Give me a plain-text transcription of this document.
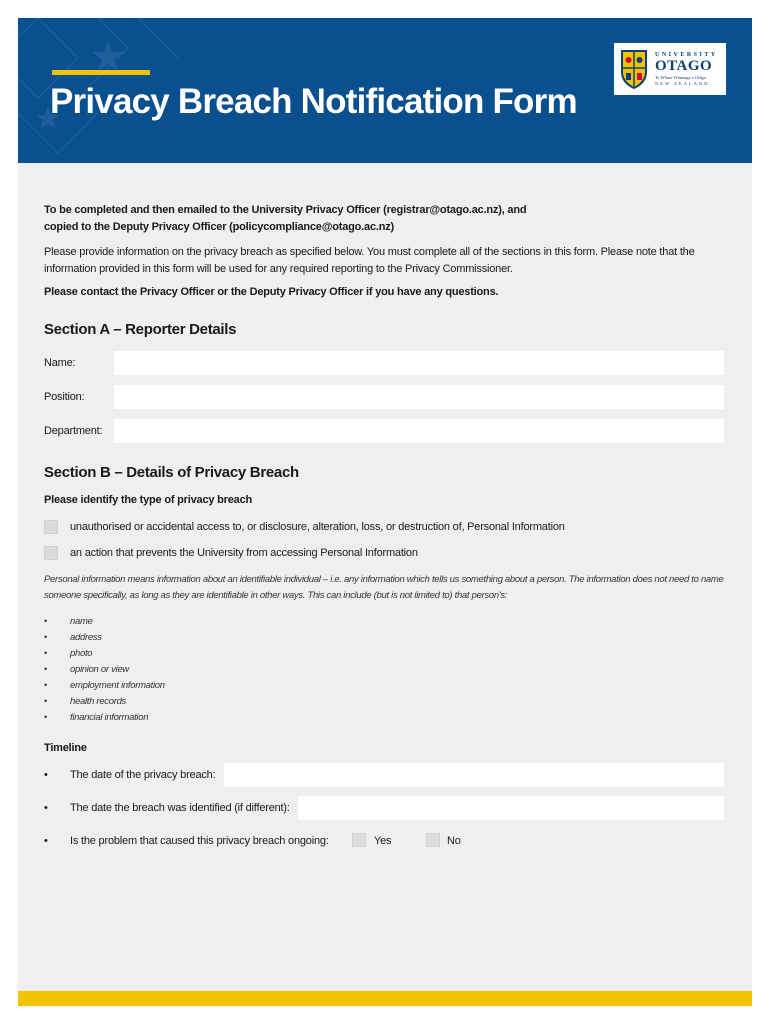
Privacy Breach Notification Form
UNIVERSITY
OTAGO
Te Whare Wānanga o Otāgo
NEW ZEALAND
To be completed and then emailed to the University Privacy Officer (registrar@otago.ac.nz), and
copied to the Deputy Privacy Officer (policycompliance@otago.ac.nz)
Please provide information on the privacy breach as specified below. You must complete all of the sections in this form. Please note that the information provided in this form will be used for any required reporting to the Privacy Commissioner.
Please contact the Privacy Officer or the Deputy Privacy Officer if you have any questions.
Section A – Reporter Details
Name:
Position:
Department:
Section B – Details of Privacy Breach
Please identify the type of privacy breach
unauthorised or accidental access to, or disclosure, alteration, loss, or destruction of, Personal Information
an action that prevents the University from accessing Personal Information
Personal information means information about an identifiable individual – i.e. any information which tells us something about a person. The information does not need to name someone specifically, as long as they are identifiable in other ways. This can include (but is not limited to) that person's:
• name
• address
• photo
• opinion or view
• employment information
• health records
• financial information
Timeline
• The date of the privacy breach:
• The date the breach was identified (if different):
• Is the problem that caused this privacy breach ongoing:	Yes	No
